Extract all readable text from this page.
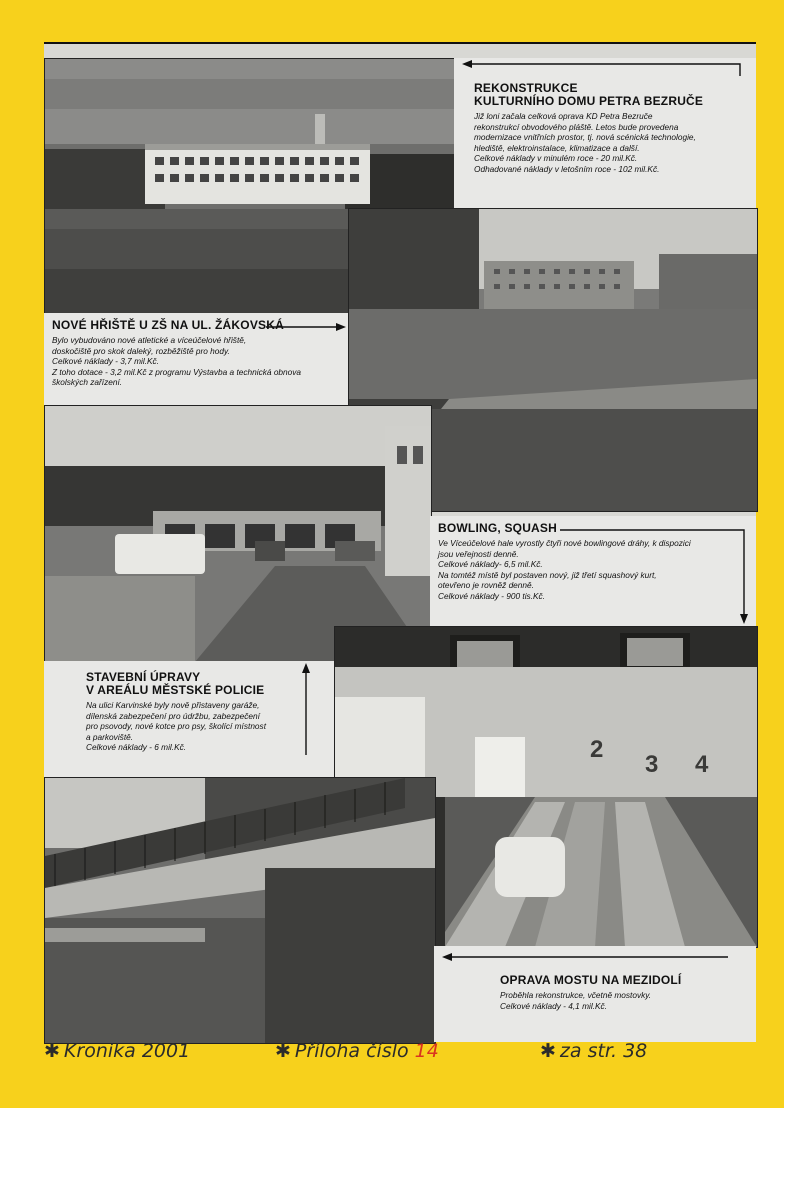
REKONSTRUKCE
KULTURNÍHO DOMU PETRA BEZRUČE

Již loni začala celková oprava KD Petra Bezruče
rekonstrukcí obvodového pláště. Letos bude provedena
modernizace vnitřních prostor, tj. nová scénická technologie,
hlediště, elektroinstalace, klimatizace a další.
Celkové náklady v minulém roce - 20 mil.Kč.
Odhadované náklady v letošním roce - 102 mil.Kč.

NOVÉ HŘIŠTĚ U ZŠ NA UL. ŽÁKOVSKÁ

Bylo vybudováno nové atletické a víceúčelové hřiště,
doskočiště pro skok daleký, rozběžiště pro hody.
Celkové náklady - 3,7 mil.Kč.
Z toho dotace - 3,2 mil.Kč z programu Výstavba a technická obnova
školských zařízení.

BOWLING, SQUASH

Ve Víceúčelové hale vyrostly čtyři nové bowlingové dráhy, k dispozici
jsou veřejnosti denně.
Celkové náklady- 6,5 mil.Kč.
Na tomtéž místě byl postaven nový, již třetí squashový kurt,
otevřeno je rovněž denně.
Celkové náklady - 900 tis.Kč.

2
3 4
STAVEBNÍ ÚPRAVY
V AREÁLU MĚSTSKÉ POLICIE

Na ulici Karvinské byly nově přistaveny garáže,
dílenská zabezpečení pro údržbu, zabezpečení
pro psovody, nové kotce pro psy, školící místnost
a parkoviště.
Celkové náklady - 6 mil.Kč.

OPRAVA MOSTU NA MEZIDOLÍ

Proběhla rekonstrukce, včetně mostovky.
Celkové náklady - 4,1 mil.Kč.

✱ Kronika 2001	✱ Příloha číslo 14	✱ za str. 38
